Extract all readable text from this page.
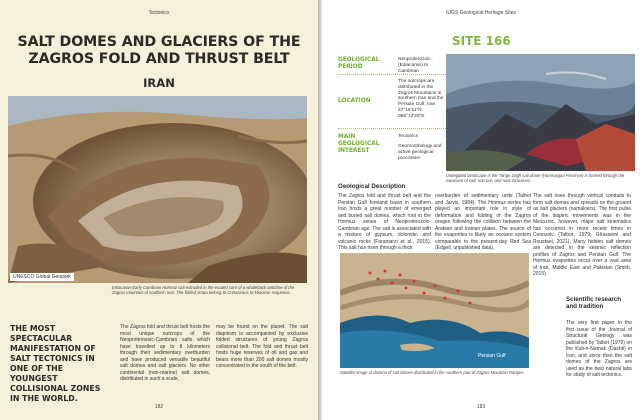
Tectonics
SALT DOMES AND GLACIERS OF THE ZAGROS FOLD AND THRUST BELT
IRAN
UNESCO Global Geopark
Ediacaran-Early Cambrian Hormuz salt extruded in the eroded core of a whaleback anticline of the Zagros mountain of southern Iran. The folded strata belong to Cretaceous to Miocene sequence.
THE MOST SPECTACULAR MANIFESTATION OF SALT TECTONICS IN ONE OF THE YOUNGEST COLLISIONAL ZONES IN THE WORLD.
The Zagros fold and thrust belt hosts the most unique outcrops of the Neoproterozoic-Cambrian salts which have travelled up to 8 kilometers through their sedimentary overburden and have produced versatile beautiful salt domes and salt glaciers. No other continental (non-marine) salt domes, distributed in such a scale,
may be found on the planet. The salt diapirism is accompanied by exclusive folded structures of young Zagros collisional belt. The fold and thrust belt hosts huge reserves of oil and gas and bears more than 200 salt domes mostly concentrated in the south of the belt.
182
IUGS Geological Heritage Sites
SITE 166
GEOLOGICAL PERIOD
Neoproterozoic (Ediacaran) to Cambrian
LOCATION
The outcrops are distributed in the Zagros Mountains in southern Iran and the Persian Gulf, Iran 27°16'11"N 055°13'20"E
MAIN GEOLOGICAL INTEREST
Tectonics
Geomorphology and active geological processes
Variegated landscape in the Tange Zagh salt dome (Hormozgan Province) is formed through the exposure of salt, iron ore, and rock inclusions.
Geological Description
The Zagros fold and thrust belt and the Persian Gulf foreland basin in southern Iran hosts a great number of emerged and buried salt domes, which root in the Hormuz series of Neoproterozoic-Cambrian age. The salt is associated with a mixture of gypsum, dolomite, and volcanic rocks (Faramarzi et al., 2015). This salt has risen through a thick
overburden of sedimentary units (Talbot and Jarvis, 1984). The Hormuz series has played an important role in style of deformation and folding of the Zagros orogen following the collision between the Arabian and Iranian plates. The source of the evaporites is likely an oceanic system comparable to the present-day Red Sea (Edgell, unpublished data).
The salt rises through vertical conduits to form salt domes and spreads on the ground as salt glaciers (namakiers). The first pulse of the diapiric movements was in the Mesozoic, however, major salt kinematics has occurred in more recent times in Cenozoic (Talbot, 1979; Ghassemi and Roustaei, 2021). Many hidden salt domes are detected in the seismic reflection profiles of Zagros and Persian Gulf. The Hormuz evaporites occur over a vast area of Iran, Middle East and Pakistan (Smith, 2015).
Persian Gulf
Satellite image of dozens of salt domes distributed in the southern part of Zagros Mountain Ranges.
Scientific research and tradition
The very first paper in the first issue of the Journal of Structural Geology was published by Talbot (1979) on the Kuh-e-Namak (Dashti) in Iran, and since then the salt domes of the Zagros are used as the best natural labs for study of salt tectonics.
183
